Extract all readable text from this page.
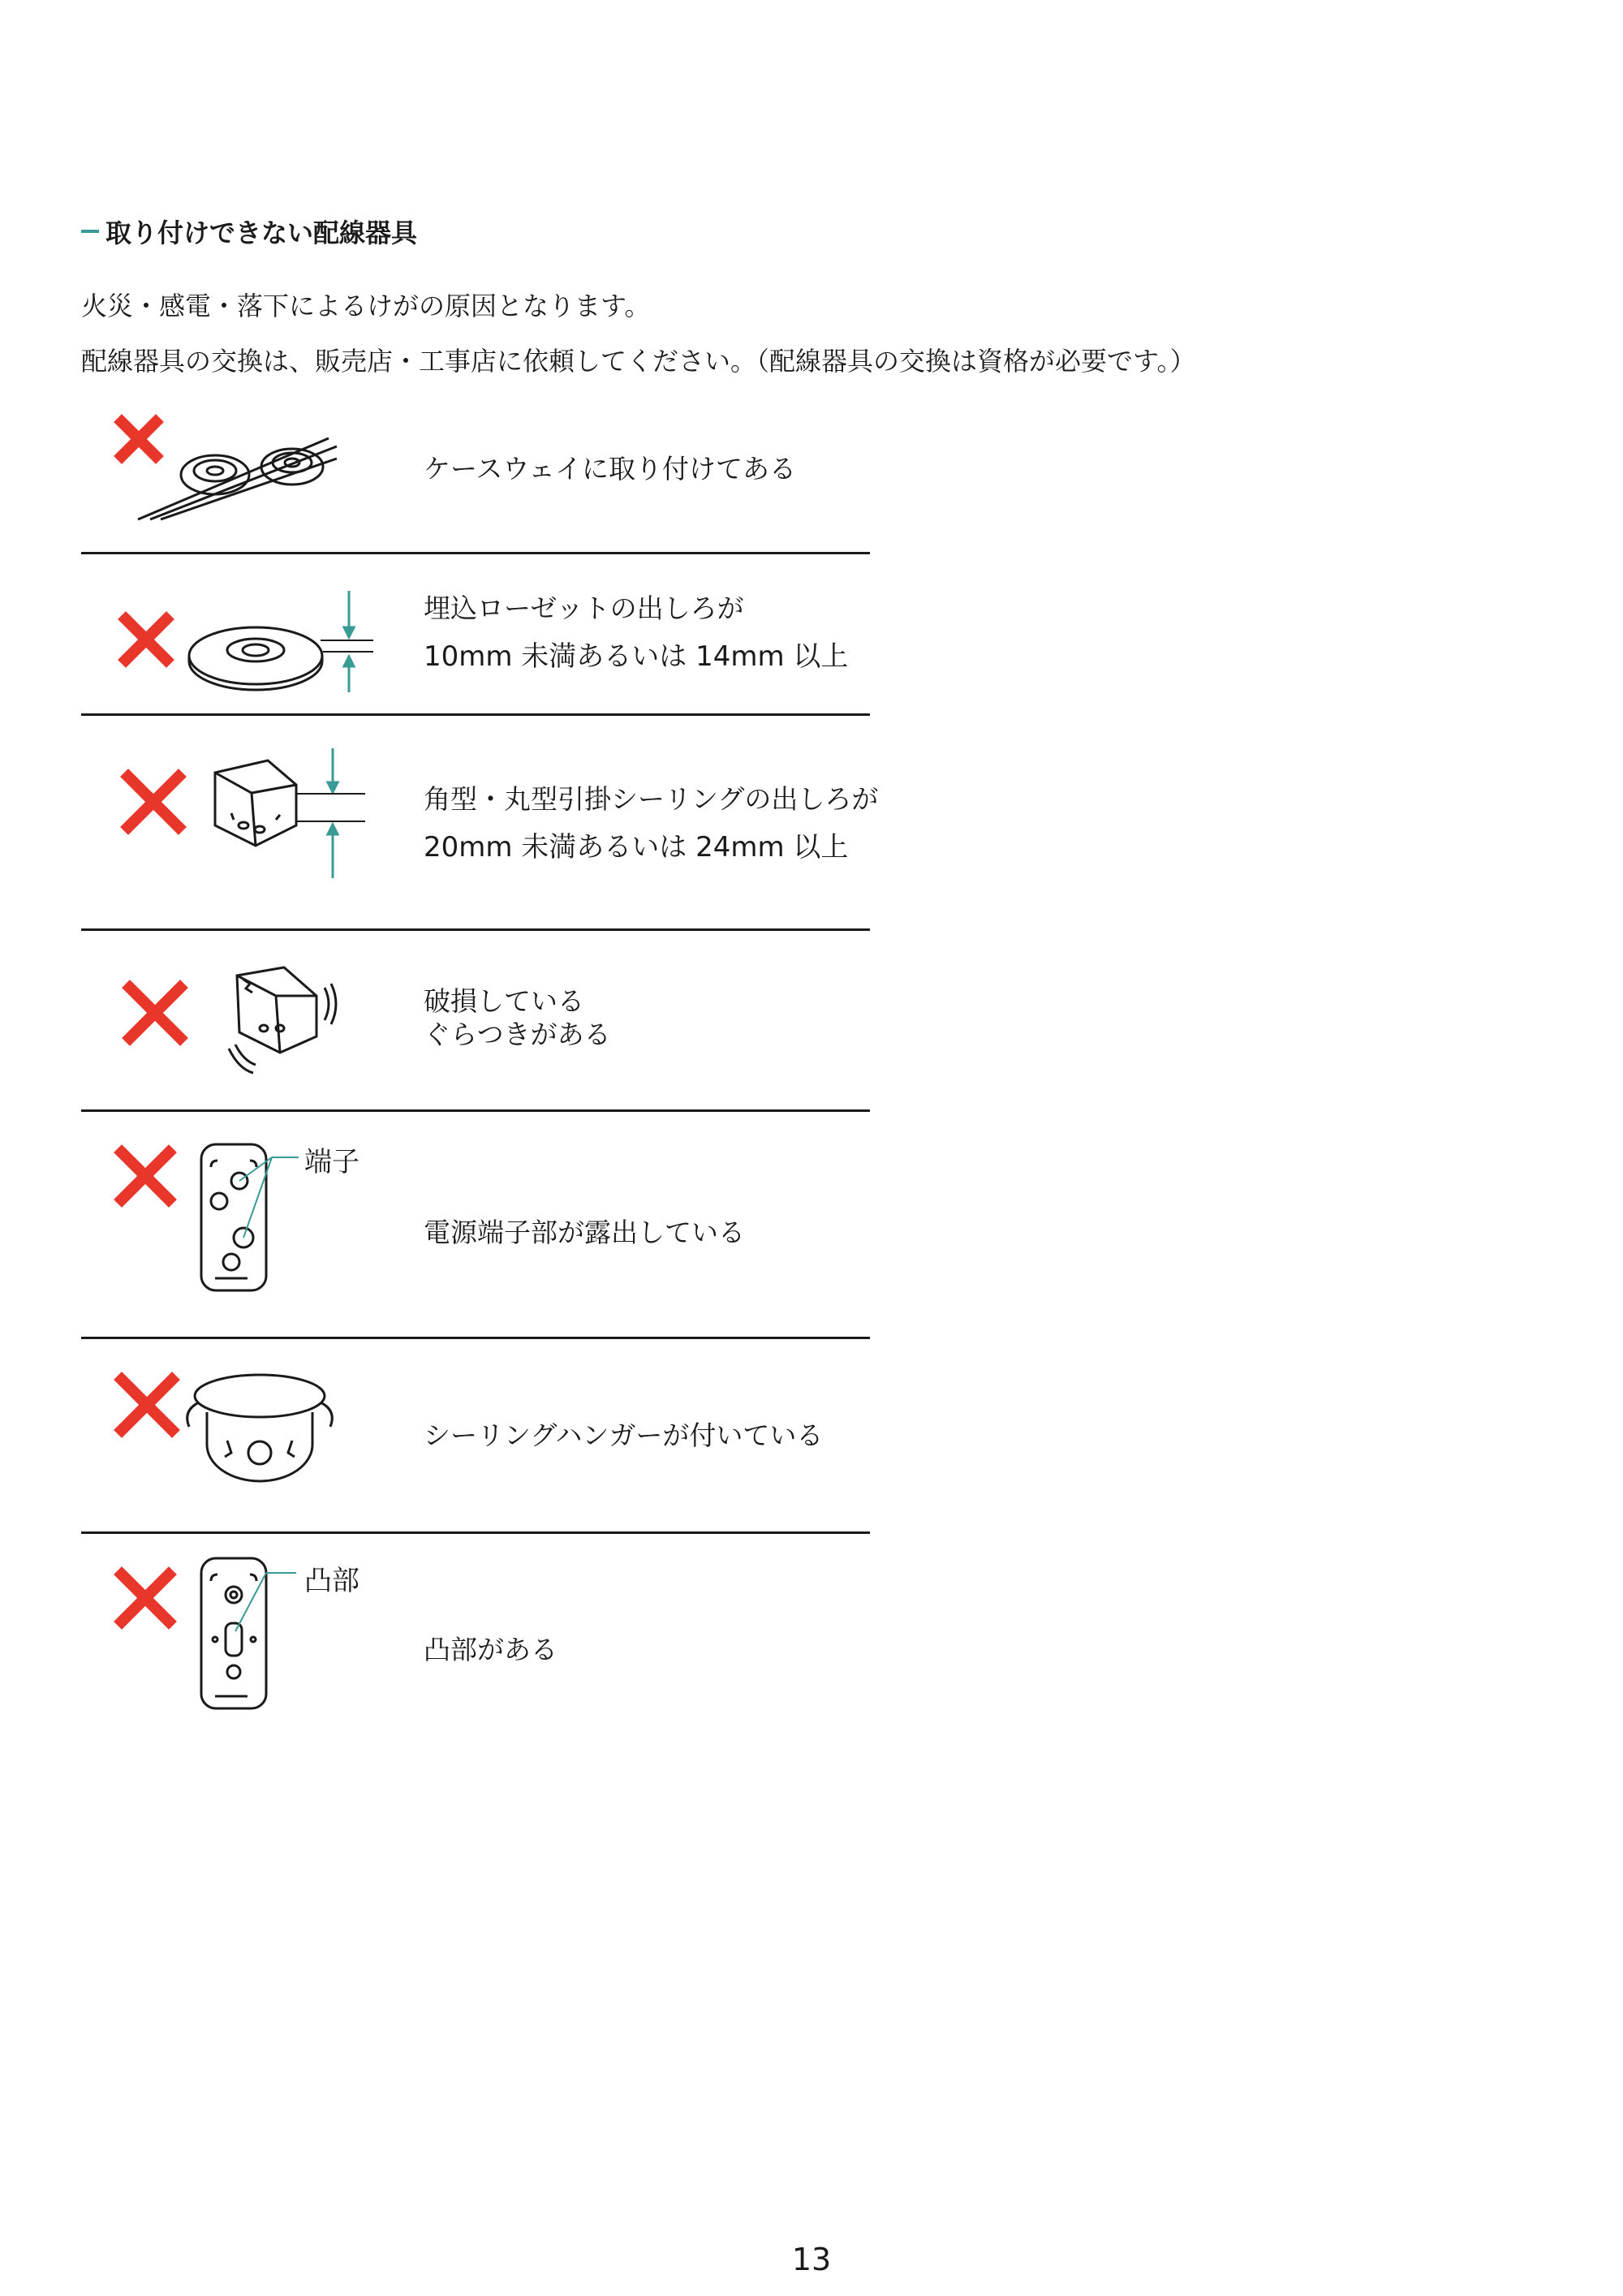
取り付けできない配線器具
火災・感電・落下によるけがの原因となります。
配線器具の交換は、販売店・工事店に依頼してください。（配線器具の交換は資格が必要です。）
ケースウェイに取り付けてある
埋込ローゼットの出しろが
10mm 未満あるいは 14mm 以上
角型・丸型引掛シーリングの出しろが
20mm 未満あるいは 24mm 以上
破損している
ぐらつきがある
端子
電源端子部が露出している
シーリングハンガーが付いている
凸部
凸部がある
13
